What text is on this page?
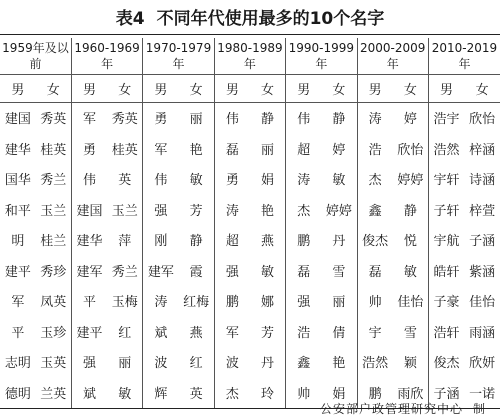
表4 不同年代使用最多的10个名字

1959年及以前		1960-1969年		1970-1979年		1980-1989年		1990-1999年		2000-2009年		2010-2019年	
男	女	男	女	男	女	男	女	男	女	男	女	男	女
建国	秀英	军	秀英	勇	丽	伟	静	伟	静	涛	婷	浩宇	欣怡
建华	桂英	勇	桂英	军	艳	磊	丽	超	婷	浩	欣怡	浩然	梓涵
国华	秀兰	伟	英	伟	敏	勇	娟	涛	敏	杰	婷婷	宇轩	诗涵
和平	玉兰	建国	玉兰	强	芳	涛	艳	杰	婷婷	鑫	静	子轩	梓萱
明	桂兰	建华	萍	刚	静	超	燕	鹏	丹	俊杰	悦	宇航	子涵
建平	秀珍	建军	秀兰	建军	霞	强	敏	磊	雪	磊	敏	皓轩	紫涵
军	凤英	平	玉梅	涛	红梅	鹏	娜	强	丽	帅	佳怡	子豪	佳怡
平	玉珍	建平	红	斌	燕	军	芳	浩	倩	宇	雪	浩轩	雨涵
志明	玉英	强	丽	波	红	波	丹	鑫	艳	浩然	颖	俊杰	欣妍
德明	兰英	斌	敏	辉	英	杰	玲	帅	娟	鹏	雨欣	子涵	一诺
公安部户政管理研究中心 制
